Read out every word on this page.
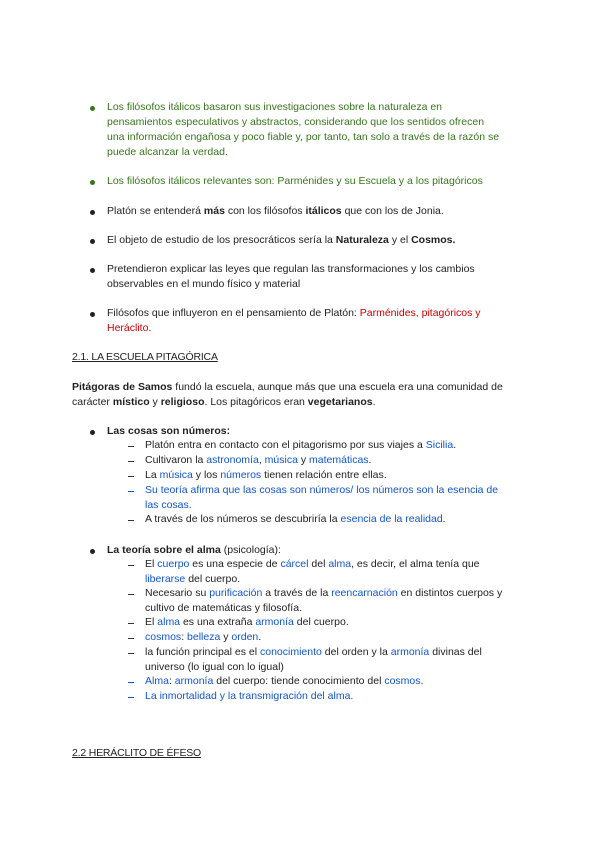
Los filósofos itálicos basaron sus investigaciones sobre la naturaleza en
pensamientos especulativos y abstractos, considerando que los sentidos ofrecen
una información engañosa y poco fiable y, por tanto, tan solo a través de la razón se
puede alcanzar la verdad.
Los filósofos itálicos relevantes son: Parménides y su Escuela y a los pitagóricos
Platón se entenderá más con los filósofos itálicos que con los de Jonia.
El objeto de estudio de los presocráticos sería la Naturaleza y el Cosmos.
Pretendieron explicar las leyes que regulan las transformaciones y los cambios
observables en el mundo físico y material
Filósofos que influyeron en el pensamiento de Platón: Parménides, pitagóricos y
Heráclito.
2.1. LA ESCUELA PITAGÓRICA
Pitágoras de Samos fundó la escuela, aunque más que una escuela era una comunidad de
carácter místico y religioso. Los pitagóricos eran vegetarianos.
Las cosas son números:
Platón entra en contacto con el pitagorismo por sus viajes a Sicilia.
Cultivaron la astronomía, música y matemáticas.
La música y los números tienen relación entre ellas.
Su teoría afirma que las cosas son números/ los números son la esencia de
las cosas.
A través de los números se descubriría la esencia de la realidad.
La teoría sobre el alma (psicología):
El cuerpo es una especie de cárcel del alma, es decir, el alma tenía que
liberarse del cuerpo.
Necesario su purificación a través de la reencarnación en distintos cuerpos y
cultivo de matemáticas y filosofía.
El alma es una extraña armonía del cuerpo.
cosmos: belleza y orden.
la función principal es el conocimiento del orden y la armonía divinas del
universo (lo igual con lo igual)
Alma: armonía del cuerpo: tiende conocimiento del cosmos.
La inmortalidad y la transmigración del alma.
2.2 HERÁCLITO DE ÉFESO
